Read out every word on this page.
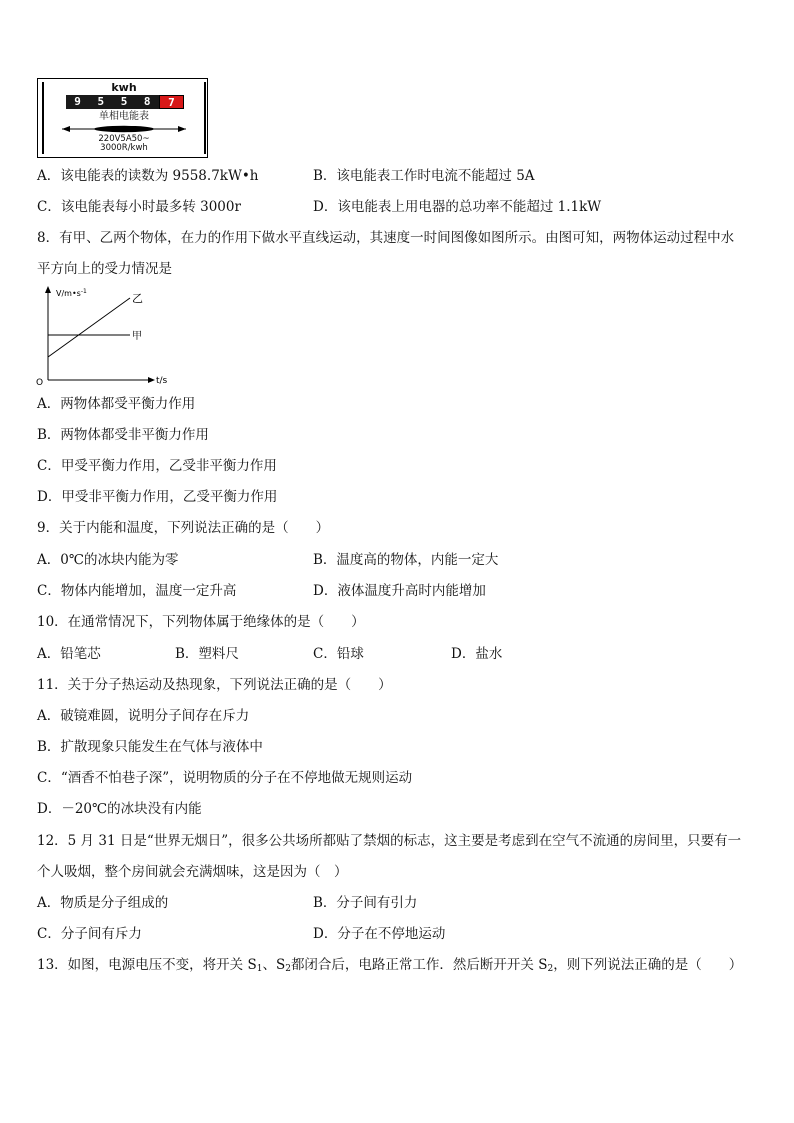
kwh
9	5	5	8	7
单相电能表
220V5A50~
3000R/kwh
A．该电能表的读数为 9558.7kW•h	B．该电能表工作时电流不能超过 5A
C．该电能表每小时最多转 3000r	D．该电能表上用电器的总功率不能超过 1.1kW
8．有甲、乙两个物体，在力的作用下做水平直线运动，其速度一时间图像如图所示。由图可知，两物体运动过程中水
平方向上的受力情况是
$V/m•s^{-1}$
t/s
O
乙
甲
A．两物体都受平衡力作用
B．两物体都受非平衡力作用
C．甲受平衡力作用，乙受非平衡力作用
D．甲受非平衡力作用，乙受平衡力作用
9．关于内能和温度，下列说法正确的是（　　）
A．0℃的冰块内能为零	B．温度高的物体，内能一定大
C．物体内能增加，温度一定升高	D．液体温度升高时内能增加
10．在通常情况下，下列物体属于绝缘体的是（　　）
A．铅笔芯	B．塑料尺	C．铅球	D．盐水
11．关于分子热运动及热现象，下列说法正确的是（　　）
A．破镜难圆，说明分子间存在斥力
B．扩散现象只能发生在气体与液体中
C．“酒香不怕巷子深”，说明物质的分子在不停地做无规则运动
D．－20℃的冰块没有内能
12．5 月 31 日是“世界无烟日”，很多公共场所都贴了禁烟的标志，这主要是考虑到在空气不流通的房间里，只要有一
个人吸烟，整个房间就会充满烟味，这是因为（　）
A．物质是分子组成的	B．分子间有引力
C．分子间有斥力	D．分子在不停地运动
13．如图，电源电压不变，将开关 $S_1$、$S_2$都闭合后，电路正常工作．然后断开开关 $S_2$，则下列说法正确的是（　　）
